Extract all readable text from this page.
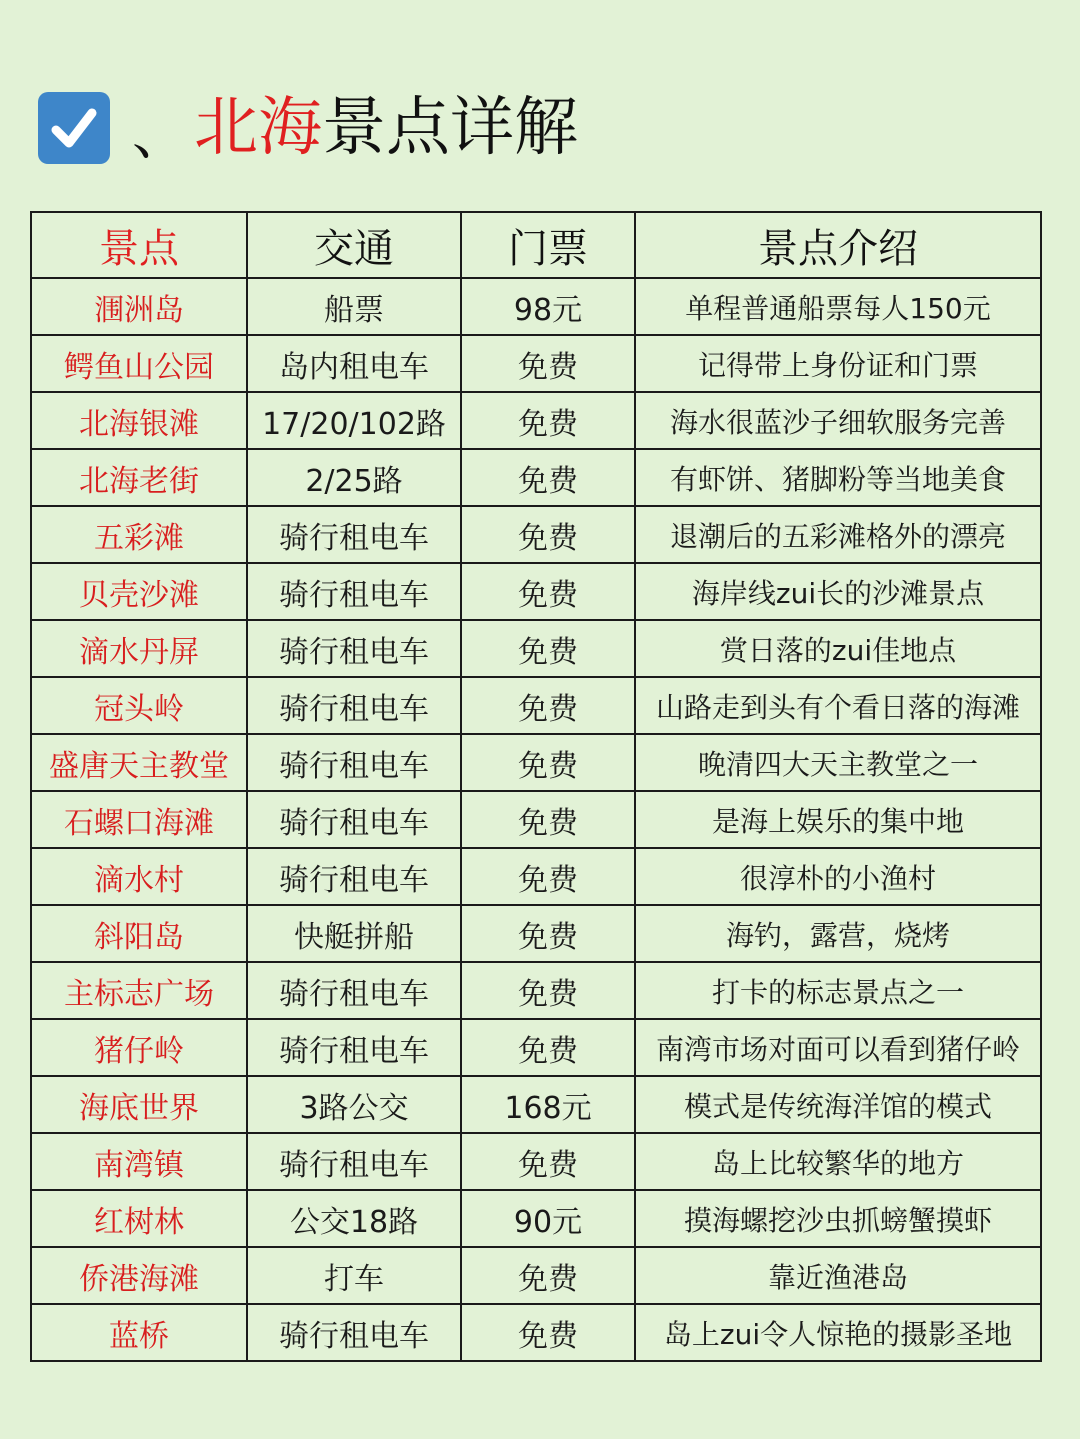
、 北海 景点详解
景点	交通	门票	景点介绍
涠洲岛	船票	98元	单程普通船票每人150元
鳄鱼山公园	岛内租电车	免费	记得带上身份证和门票
北海银滩	17/20/102路	免费	海水很蓝沙子细软服务完善
北海老街	2/25路	免费	有虾饼、猪脚粉等当地美食
五彩滩	骑行租电车	免费	退潮后的五彩滩格外的漂亮
贝壳沙滩	骑行租电车	免费	海岸线zui长的沙滩景点
滴水丹屏	骑行租电车	免费	赏日落的zui佳地点
冠头岭	骑行租电车	免费	山路走到头有个看日落的海滩
盛唐天主教堂	骑行租电车	免费	晚清四大天主教堂之一
石螺口海滩	骑行租电车	免费	是海上娱乐的集中地
滴水村	骑行租电车	免费	很淳朴的小渔村
斜阳岛	快艇拼船	免费	海钓，露营，烧烤
主标志广场	骑行租电车	免费	打卡的标志景点之一
猪仔岭	骑行租电车	免费	南湾市场对面可以看到猪仔岭
海底世界	3路公交	168元	模式是传统海洋馆的模式
南湾镇	骑行租电车	免费	岛上比较繁华的地方
红树林	公交18路	90元	摸海螺挖沙虫抓螃蟹摸虾
侨港海滩	打车	免费	靠近渔港岛
蓝桥	骑行租电车	免费	岛上zui令人惊艳的摄影圣地
